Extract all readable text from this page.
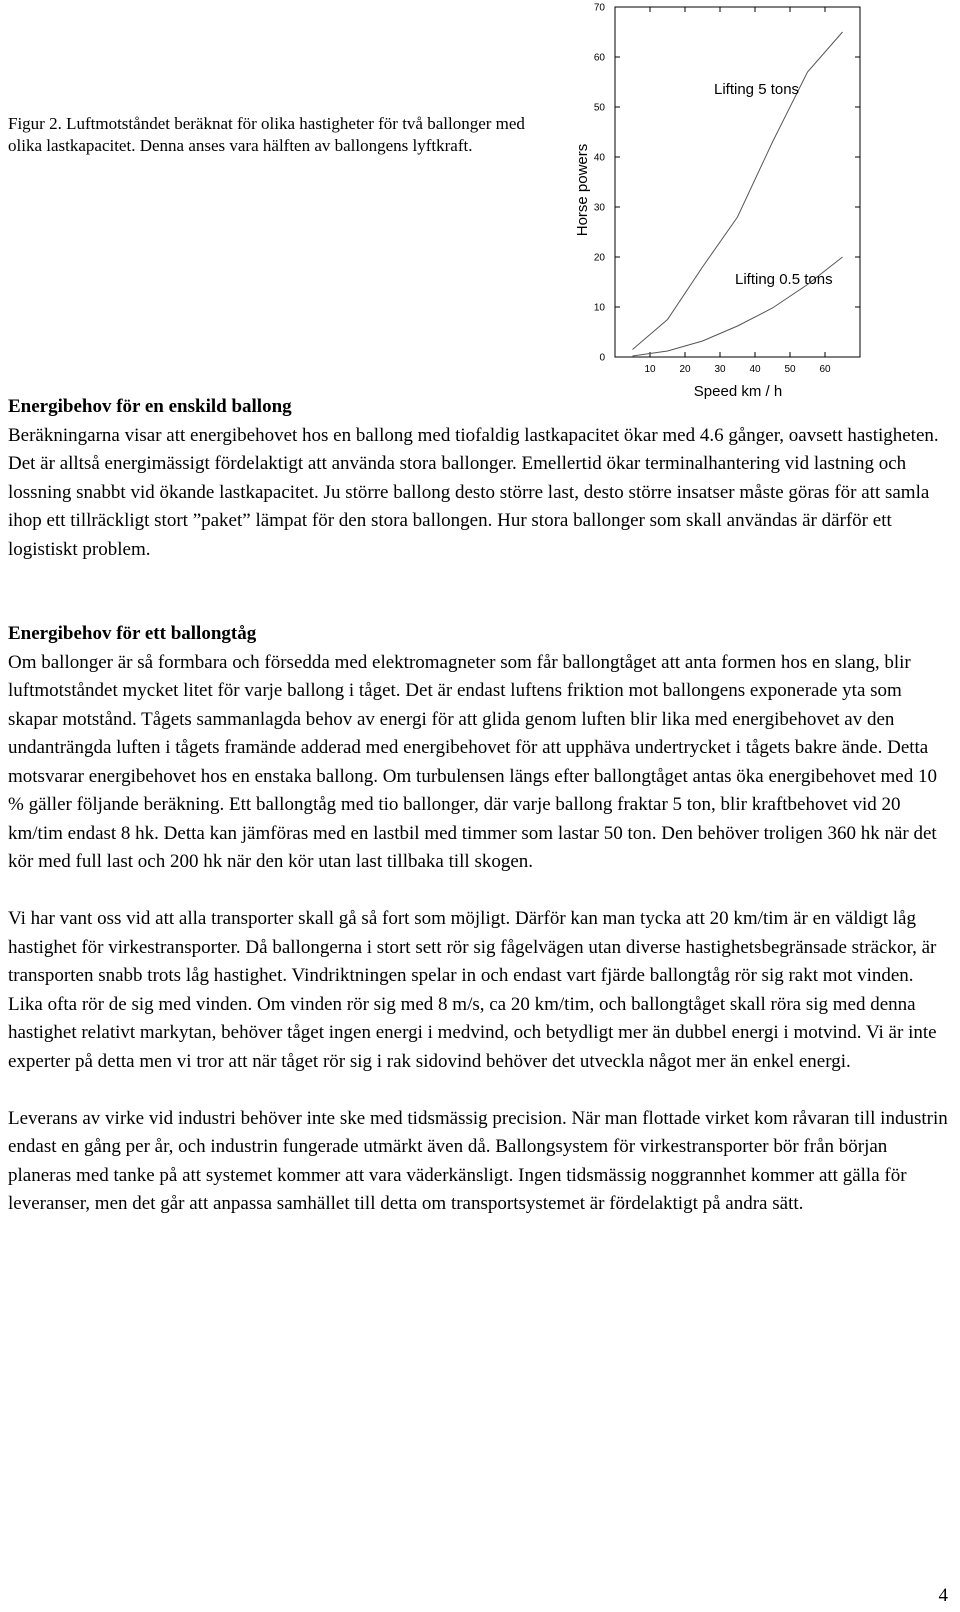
Figur 2. Luftmotståndet beräknat för olika hastigheter för två ballonger med olika lastkapacitet. Denna anses vara hälften av ballongens lyftkraft.
0
10
20
30
40
50
60
70
10 20 30 40 50 60
Horse powers
Speed km / h
Lifting 5 tons
Lifting 0.5 tons
Energibehov för en enskild ballong

Beräkningarna visar att energibehovet hos en ballong med tiofaldig lastkapacitet ökar med 4.6 gånger, oavsett hastigheten. Det är alltså energimässigt fördelaktigt att använda stora ballonger. Emellertid ökar terminalhantering vid lastning och lossning snabbt vid ökande lastkapacitet. Ju större ballong desto större last, desto större insatser måste göras för att samla ihop ett tillräckligt stort ”paket” lämpat för den stora ballongen. Hur stora ballonger som skall användas är därför ett logistiskt problem.

Energibehov för ett ballongtåg

Om ballonger är så formbara och försedda med elektromagneter som får ballongtåget att anta formen hos en slang, blir luftmotståndet mycket litet för varje ballong i tåget. Det är endast luftens friktion mot ballongens exponerade yta som skapar motstånd. Tågets sammanlagda behov av energi för att glida genom luften blir lika med energibehovet av den undanträngda luften i tågets framände adderad med energibehovet för att upphäva undertrycket i tågets bakre ände. Detta motsvarar energibehovet hos en enstaka ballong. Om turbulensen längs efter ballongtåget antas öka energibehovet med 10 % gäller följande beräkning. Ett ballongtåg med tio ballonger, där varje ballong fraktar 5 ton, blir kraftbehovet vid 20 km/tim endast 8 hk. Detta kan jämföras med en lastbil med timmer som lastar 50 ton. Den behöver troligen 360 hk när det kör med full last och 200 hk när den kör utan last tillbaka till skogen.

Vi har vant oss vid att alla transporter skall gå så fort som möjligt. Därför kan man tycka att 20 km/tim är en väldigt låg hastighet för virkestransporter. Då ballongerna i stort sett rör sig fågelvägen utan diverse hastighetsbegränsade sträckor, är transporten snabb trots låg hastighet. Vindriktningen spelar in och endast vart fjärde ballongtåg rör sig rakt mot vinden. Lika ofta rör de sig med vinden. Om vinden rör sig med 8 m/s, ca 20 km/tim, och ballongtåget skall röra sig med denna hastighet relativt markytan, behöver tåget ingen energi i medvind, och betydligt mer än dubbel energi i motvind. Vi är inte experter på detta men vi tror att när tåget rör sig i rak sidovind behöver det utveckla något mer än enkel energi.

Leverans av virke vid industri behöver inte ske med tidsmässig precision. När man flottade virket kom råvaran till industrin endast en gång per år, och industrin fungerade utmärkt även då. Ballongsystem för virkestransporter bör från början planeras med tanke på att systemet kommer att vara väderkänsligt. Ingen tidsmässig noggrannhet kommer att gälla för leveranser, men det går att anpassa samhället till detta om transportsystemet är fördelaktigt på andra sätt.

4
